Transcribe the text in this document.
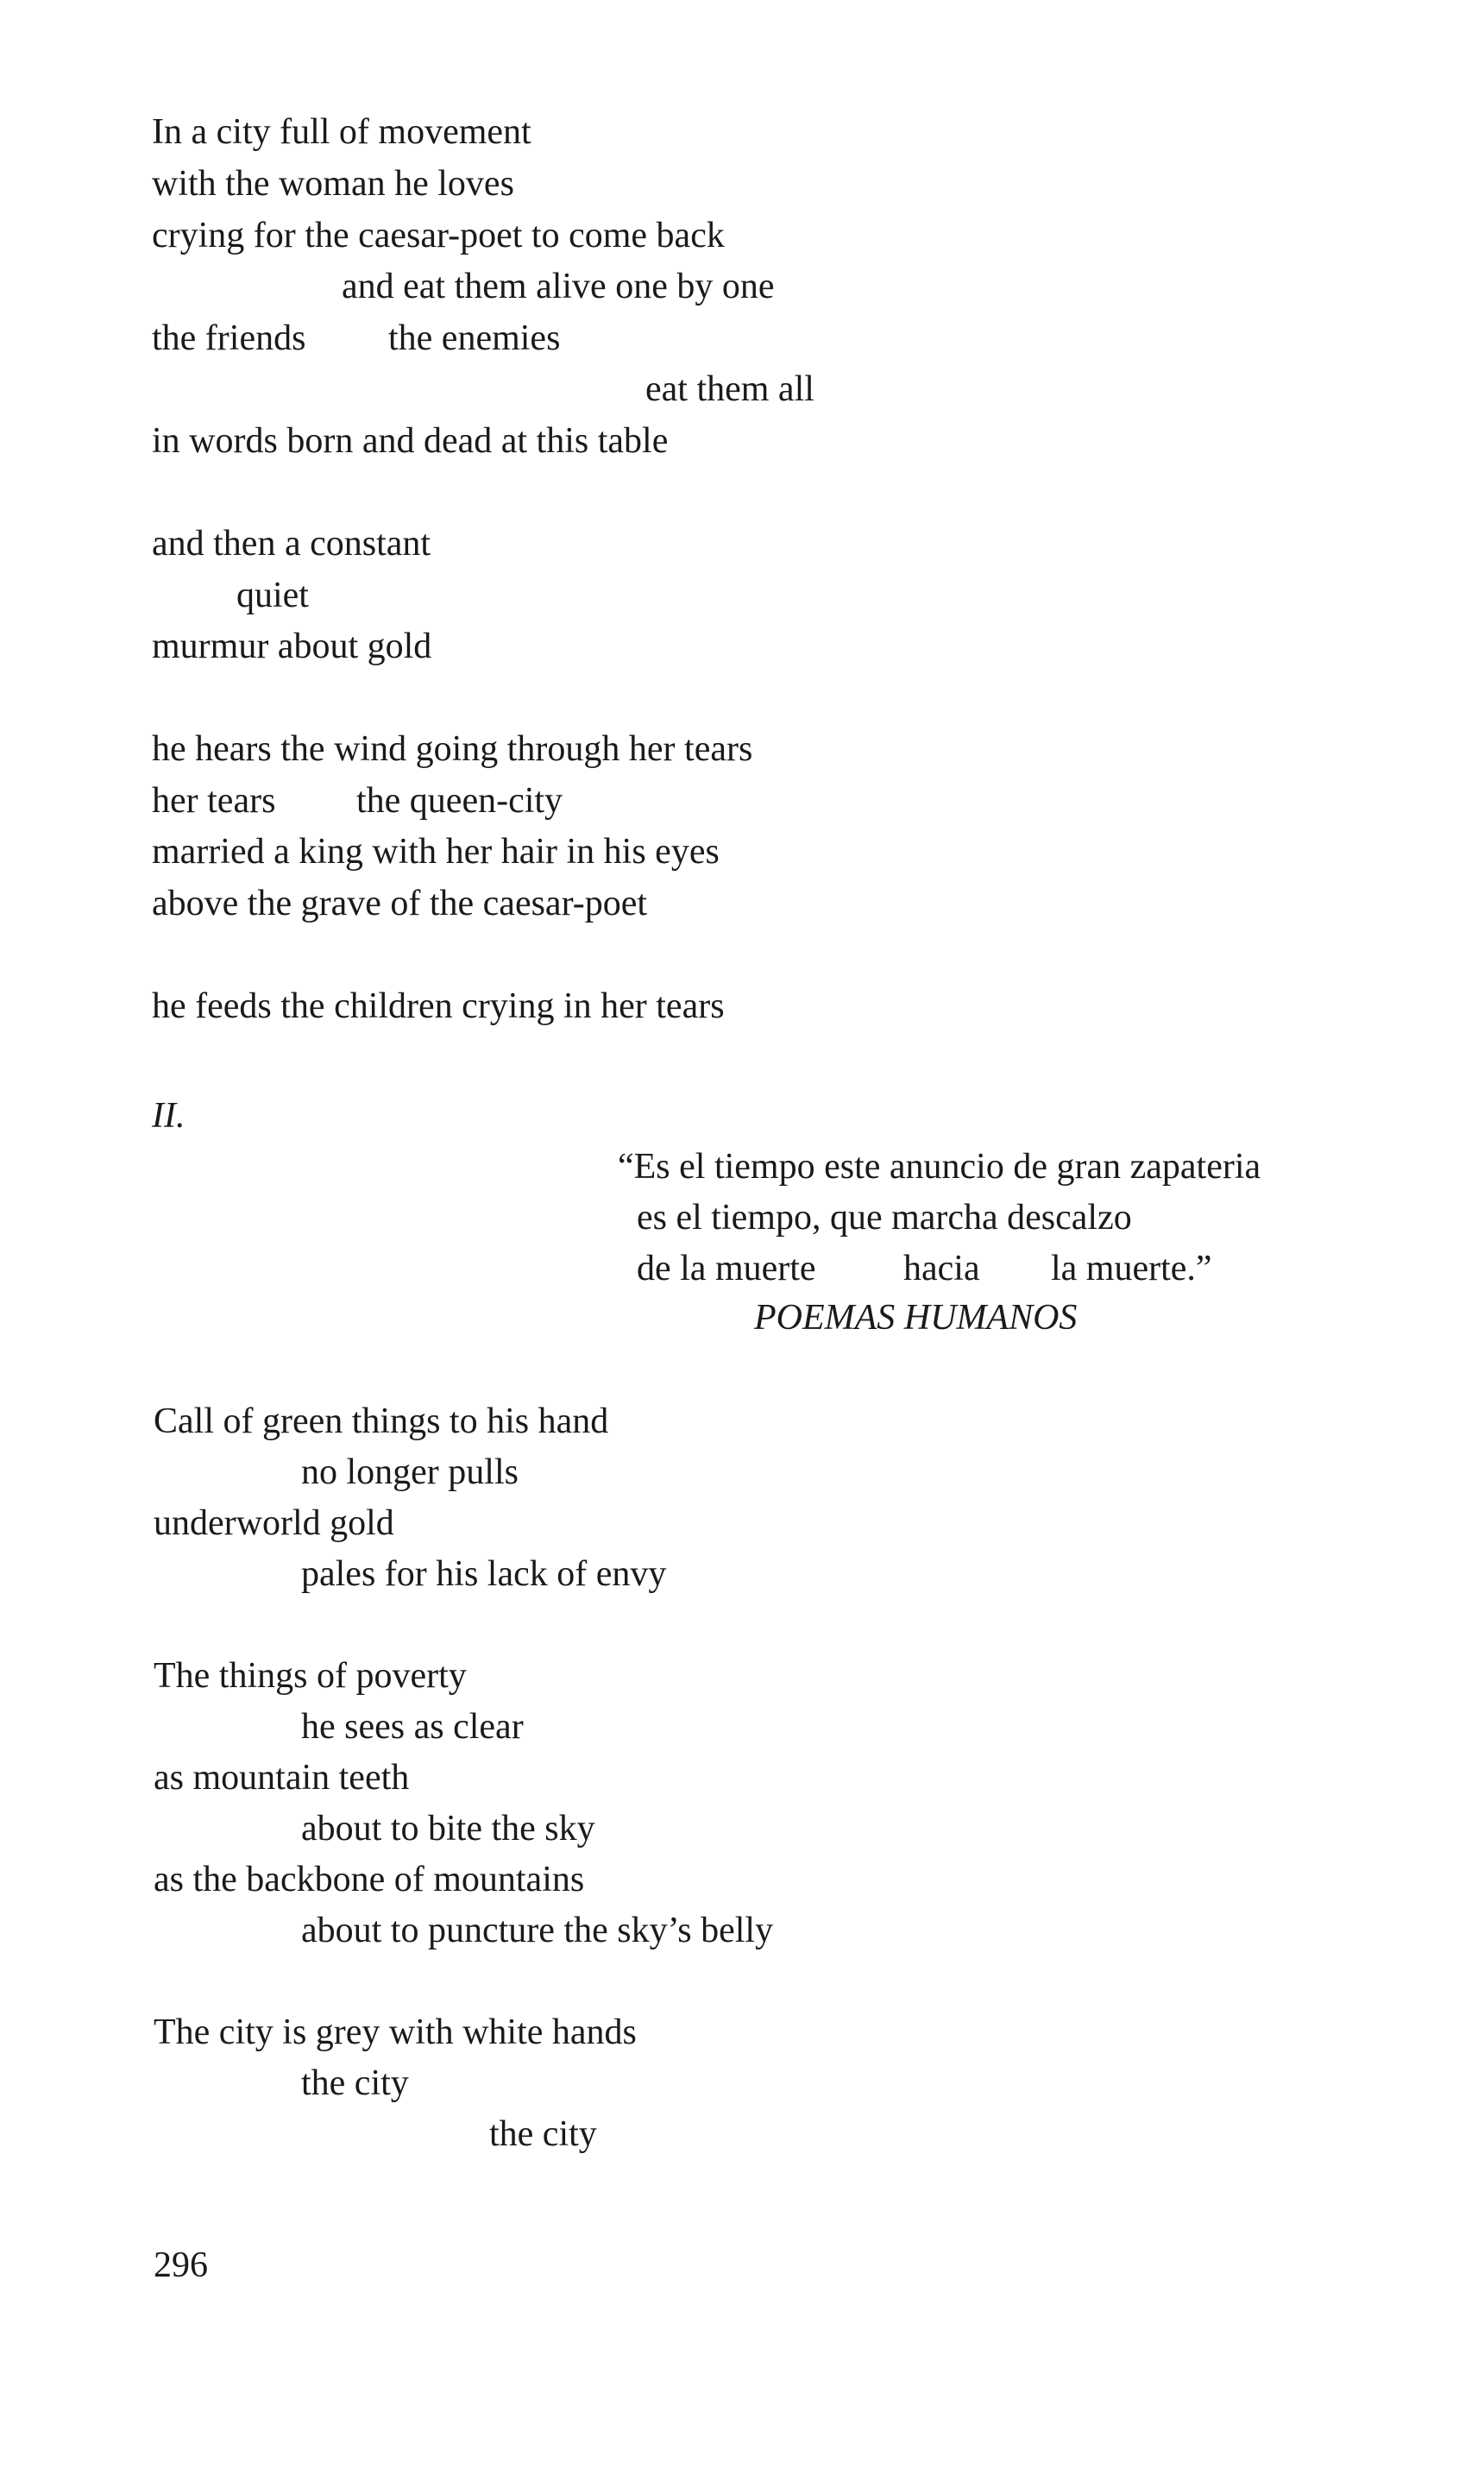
In a city full of movement
with the woman he loves
crying for the caesar-poet to come back
and eat them alive one by one
the friends the enemies
eat them all
in words born and dead at this table
and then a constant
quiet
murmur about gold
he hears the wind going through her tears
her tears the queen-city
married a king with her hair in his eyes
above the grave of the caesar-poet
he feeds the children crying in her tears
II.
“Es el tiempo este anuncio de gran zapateria
es el tiempo, que marcha descalzo
de la muerte hacia la muerte.”
POEMAS HUMANOS
Call of green things to his hand
no longer pulls
underworld gold
pales for his lack of envy
The things of poverty
he sees as clear
as mountain teeth
about to bite the sky
as the backbone of mountains
about to puncture the sky’s belly
The city is grey with white hands
the city
the city
296
